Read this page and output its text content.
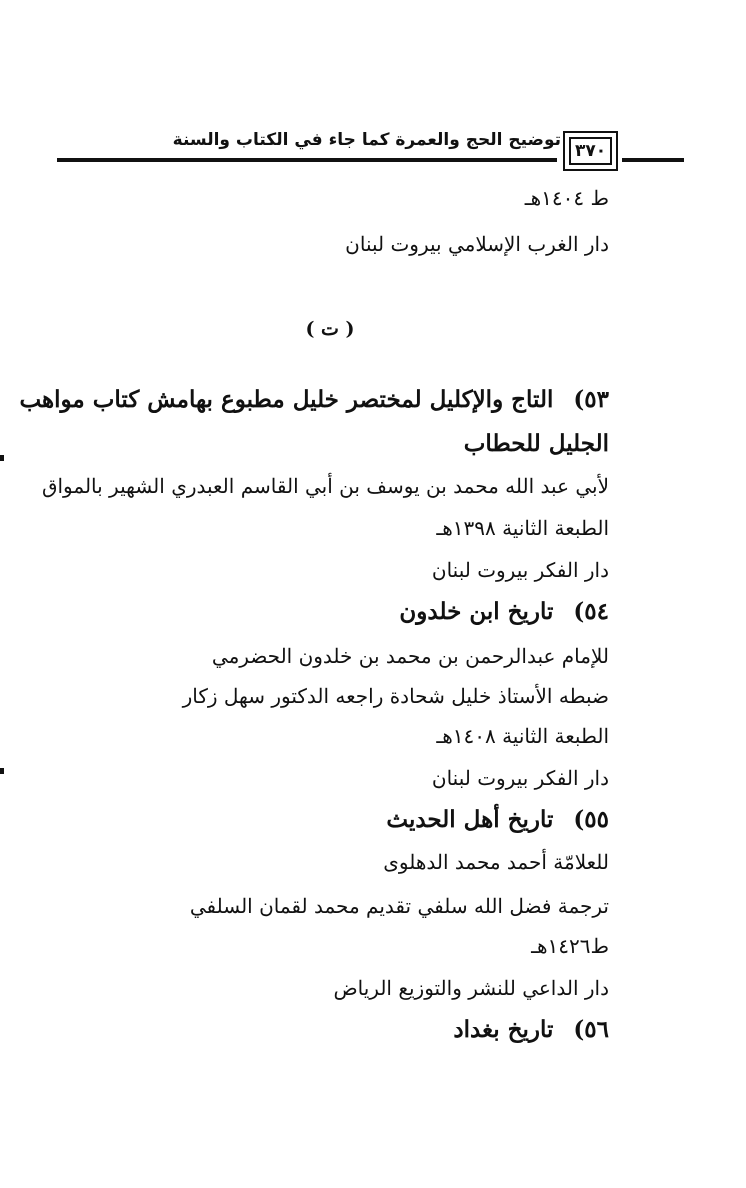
توضيح الحج والعمرة كما جاء في الكتاب والسنة
٣٧٠
ط ١٤٠٤هـ
دار الغرب الإسلامي بيروت لبنان
( ت )
٥٣)التاج والإكليل لمختصر خليل مطبوع بهامش كتاب مواهب
الجليل للحطاب
لأبي عبد الله محمد بن يوسف بن أبي القاسم العبدري الشهير بالمواق
الطبعة الثانية ١٣٩٨هـ
دار الفكر بيروت لبنان
٥٤)تاريخ ابن خلدون
للإمام عبدالرحمن بن محمد بن خلدون الحضرمي
ضبطه الأستاذ خليل شحادة راجعه الدكتور سهل زكار
الطبعة الثانية ١٤٠٨هـ
دار الفكر بيروت لبنان
٥٥)تاريخ أهل الحديث
للعلامّة أحمد محمد الدهلوى
ترجمة فضل الله سلفي تقديم محمد لقمان السلفي
ط١٤٢٦هـ
دار الداعي للنشر والتوزيع الرياض
٥٦)تاريخ بغداد
